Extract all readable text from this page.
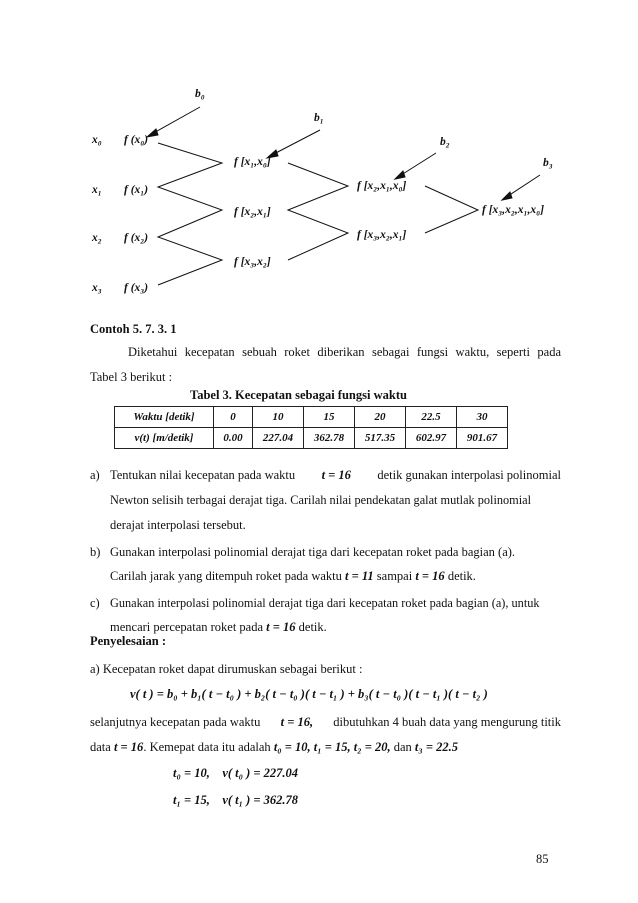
b₀
b₁
b₂
b₃
x₀
x₁
x₂
x₃
f (x₀)
f (x₁)
f (x₂)
f (x₃)
f [x₁,x₀]
f [x₂,x₁]
f [x₃,x₂]
f [x₂,x₁,x₀]
f [x₃,x₂,x₁]
f [x₃,x₂,x₁,x₀]
Contoh 5. 7. 3. 1
Diketahui kecepatan sebuah roket diberikan sebagai fungsi waktu, seperti pada
Tabel 3 berikut :
Tabel 3. Kecepatan sebagai fungsi waktu
Waktu [detik]	0	10	15	20	22.5	30
v(t) [m/detik]	0.00	227.04	362.78	517.35	602.97	901.67
a) Tentukan nilai kecepatan pada waktu t = 16 detik gunakan interpolasi polinomial
Newton selisih terbagai derajat tiga. Carilah nilai pendekatan galat mutlak polinomial
derajat interpolasi tersebut.
b) Gunakan interpolasi polinomial derajat tiga dari kecepatan roket pada bagian (a).
Carilah jarak yang ditempuh roket pada waktu t = 11 sampai t = 16 detik.
c) Gunakan interpolasi polinomial derajat tiga dari kecepatan roket pada bagian (a), untuk
mencari percepatan roket pada t = 16 detik.
Penyelesaian :
a) Kecepatan roket dapat dirumuskan sebagai berikut :
v( t ) = b₀ + b₁( t − t₀ ) + b₂( t − t₀ )( t − t₁ ) + b₃( t − t₀ )( t − t₁ )( t − t₂ )
selanjutnya kecepatan pada waktu t = 16, dibutuhkan 4 buah data yang mengurung titik
data t = 16. Kemepat data itu adalah t₀ = 10, t₁ = 15, t₂ = 20, dan t₃ = 22.5
t₀ = 10,    v( t₀ ) = 227.04
t₁ = 15,    v( t₁ ) = 362.78
85
